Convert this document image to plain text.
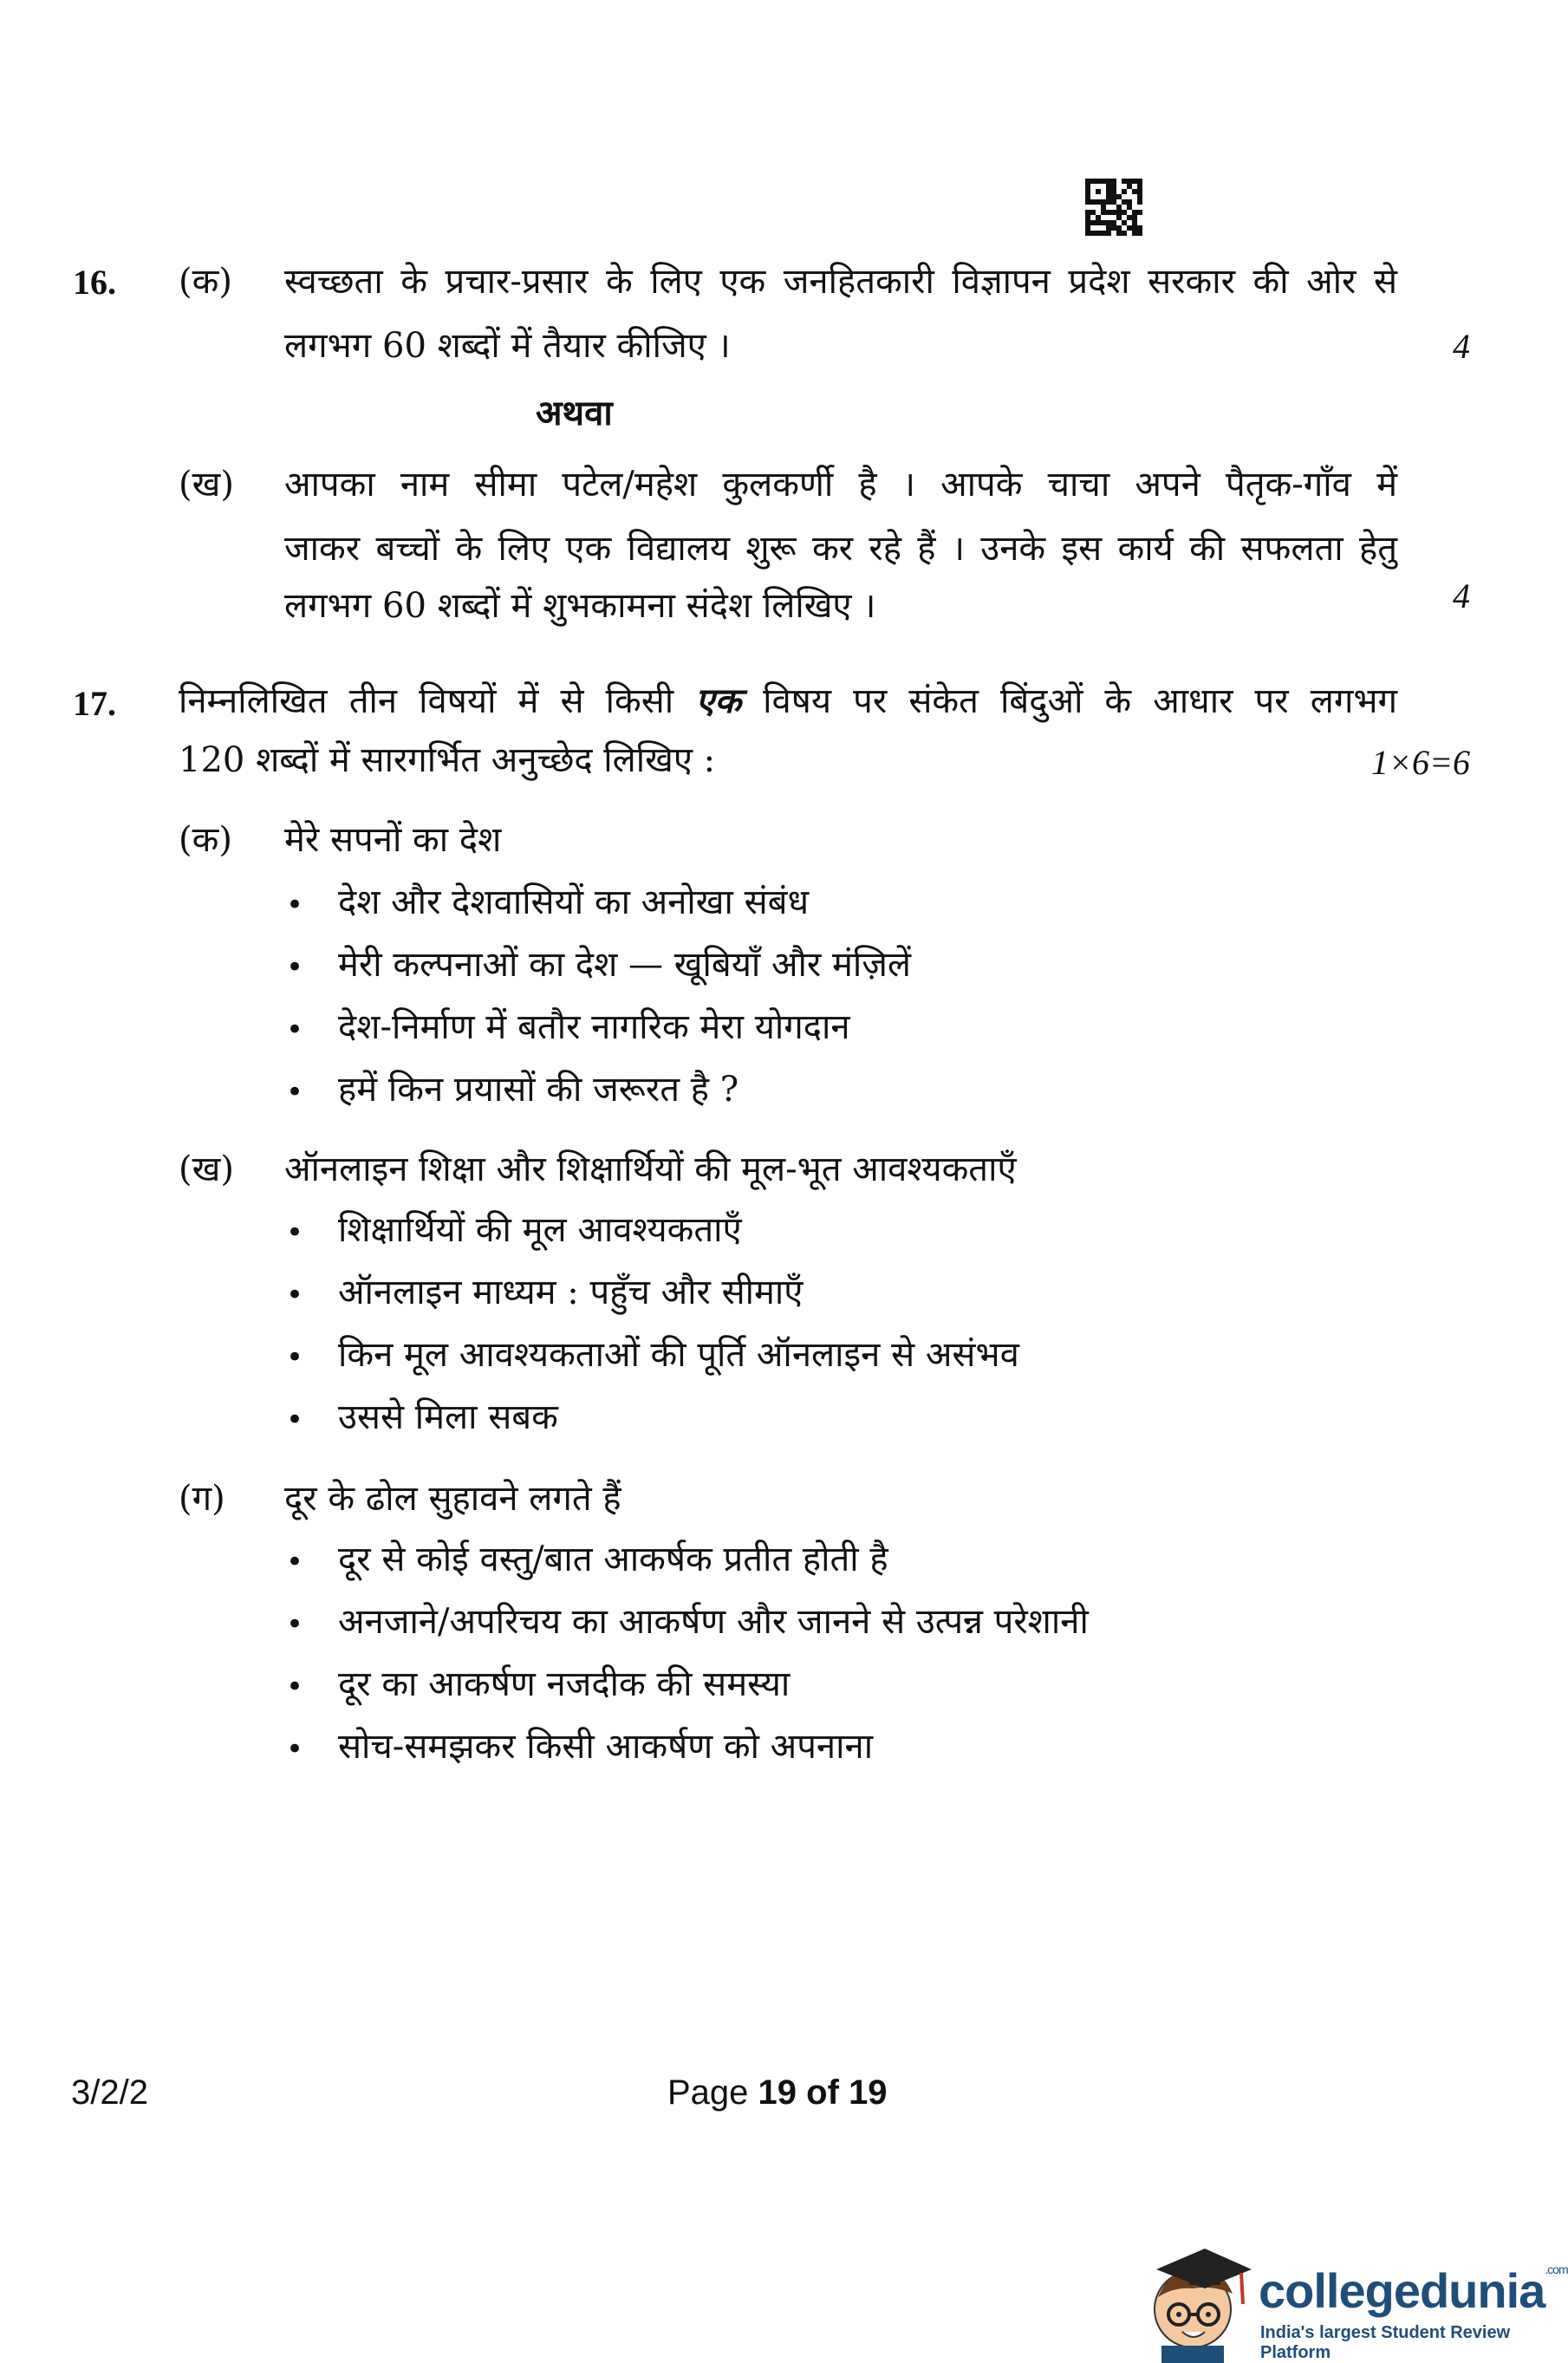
16. (क) स्वच्छता के प्रचार-प्रसार के लिए एक जनहितकारी विज्ञापन प्रदेश सरकार की ओर से
लगभग 60 शब्दों में तैयार कीजिए ।	4
अथवा
(ख) आपका नाम सीमा पटेल/महेश कुलकर्णी है । आपके चाचा अपने पैतृक-गाँव में
जाकर बच्चों के लिए एक विद्यालय शुरू कर रहे हैं । उनके इस कार्य की सफलता हेतु
लगभग 60 शब्दों में शुभकामना संदेश लिखिए ।	4
17. निम्नलिखित तीन विषयों में से किसी एक विषय पर संकेत बिंदुओं के आधार पर लगभग
120 शब्दों में सारगर्भित अनुच्छेद लिखिए :	1×6=6
(क) मेरे सपनों का देश
• देश और देशवासियों का अनोखा संबंध
• मेरी कल्पनाओं का देश — खूबियाँ और मंज़िलें
• देश-निर्माण में बतौर नागरिक मेरा योगदान
• हमें किन प्रयासों की जरूरत है ?
(ख) ऑनलाइन शिक्षा और शिक्षार्थियों की मूल-भूत आवश्यकताएँ
• शिक्षार्थियों की मूल आवश्यकताएँ
• ऑनलाइन माध्यम : पहुँच और सीमाएँ
• किन मूल आवश्यकताओं की पूर्ति ऑनलाइन से असंभव
• उससे मिला सबक
(ग) दूर के ढोल सुहावने लगते हैं
• दूर से कोई वस्तु/बात आकर्षक प्रतीत होती है
• अनजाने/अपरिचय का आकर्षण और जानने से उत्पन्न परेशानी
• दूर का आकर्षण नजदीक की समस्या
• सोच-समझकर किसी आकर्षण को अपनाना
3/2/2	Page 19 of 19
collegedunia$^{.com}$
India's largest Student Review Platform
